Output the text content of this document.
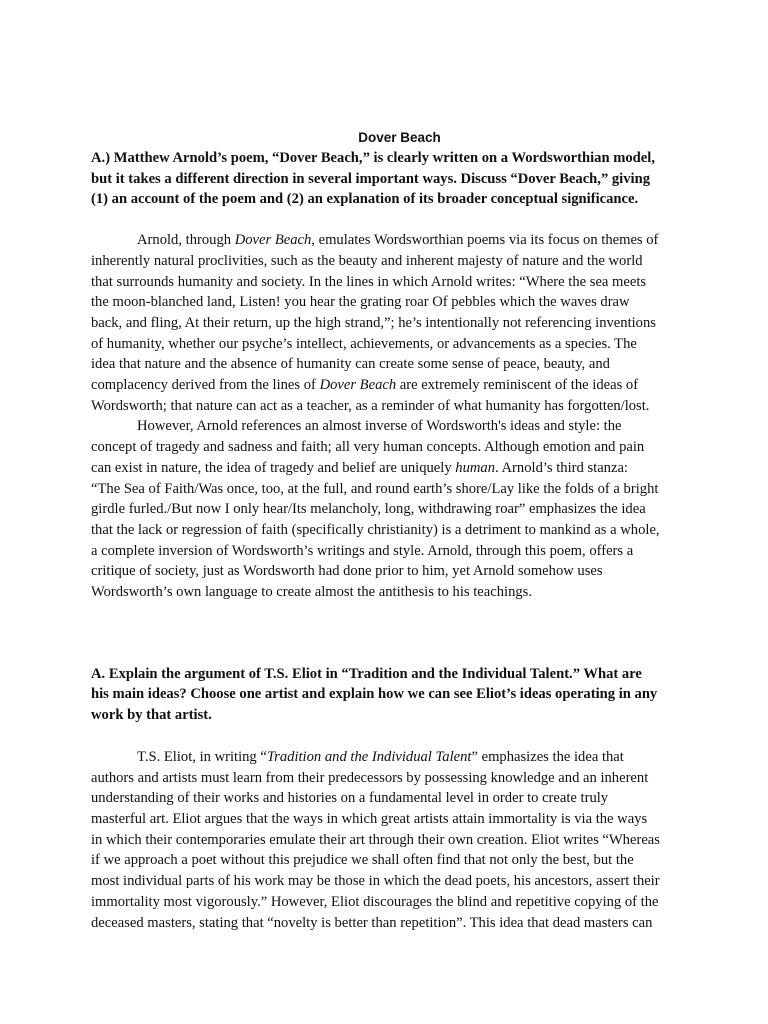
Dover Beach
A.) Matthew Arnold’s poem, “Dover Beach,” is clearly written on a Wordsworthian model,
but it takes a different direction in several important ways. Discuss “Dover Beach,” giving
(1) an account of the poem and (2) an explanation of its broader conceptual significance.
Arnold, through Dover Beach, emulates Wordsworthian poems via its focus on themes of
inherently natural proclivities, such as the beauty and inherent majesty of nature and the world
that surrounds humanity and society. In the lines in which Arnold writes: “Where the sea meets
the moon-blanched land, Listen! you hear the grating roar Of pebbles which the waves draw
back, and fling, At their return, up the high strand,”; he’s intentionally not referencing inventions
of humanity, whether our psyche’s intellect, achievements, or advancements as a species. The
idea that nature and the absence of humanity can create some sense of peace, beauty, and
complacency derived from the lines of Dover Beach are extremely reminiscent of the ideas of
Wordsworth; that nature can act as a teacher, as a reminder of what humanity has forgotten/lost.
However, Arnold references an almost inverse of Wordsworth's ideas and style: the
concept of tragedy and sadness and faith; all very human concepts. Although emotion and pain
can exist in nature, the idea of tragedy and belief are uniquely human. Arnold’s third stanza:
“The Sea of Faith/Was once, too, at the full, and round earth’s shore/Lay like the folds of a bright
girdle furled./But now I only hear/Its melancholy, long, withdrawing roar” emphasizes the idea
that the lack or regression of faith (specifically christianity) is a detriment to mankind as a whole,
a complete inversion of Wordsworth’s writings and style. Arnold, through this poem, offers a
critique of society, just as Wordsworth had done prior to him, yet Arnold somehow uses
Wordsworth’s own language to create almost the antithesis to his teachings.
A. Explain the argument of T.S. Eliot in “Tradition and the Individual Talent.” What are
his main ideas? Choose one artist and explain how we can see Eliot’s ideas operating in any
work by that artist.
T.S. Eliot, in writing “Tradition and the Individual Talent” emphasizes the idea that
authors and artists must learn from their predecessors by possessing knowledge and an inherent
understanding of their works and histories on a fundamental level in order to create truly
masterful art. Eliot argues that the ways in which great artists attain immortality is via the ways
in which their contemporaries emulate their art through their own creation. Eliot writes “Whereas
if we approach a poet without this prejudice we shall often find that not only the best, but the
most individual parts of his work may be those in which the dead poets, his ancestors, assert their
immortality most vigorously.” However, Eliot discourages the blind and repetitive copying of the
deceased masters, stating that “novelty is better than repetition”. This idea that dead masters can
